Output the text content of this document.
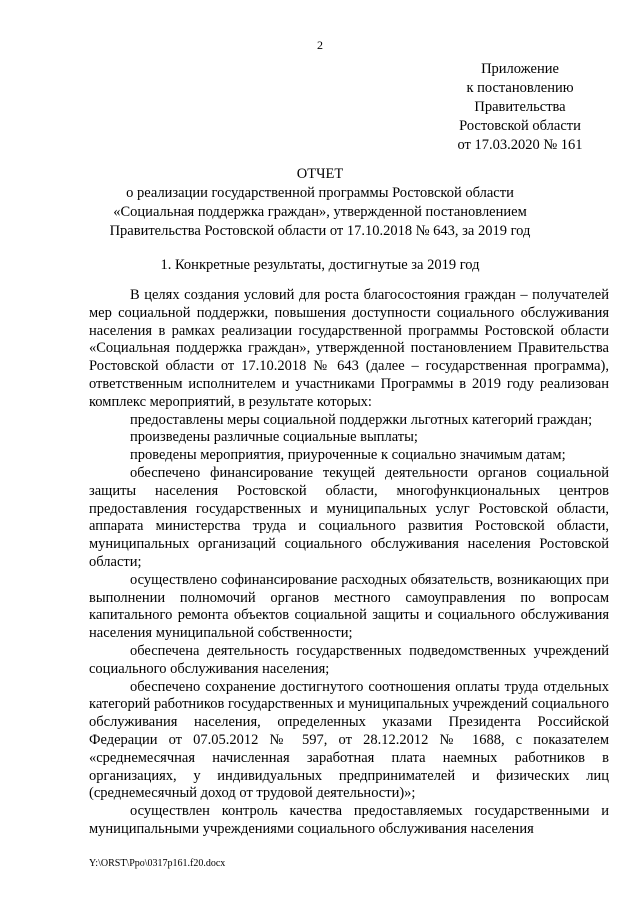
2
Приложение
к постановлению
Правительства
Ростовской области
от 17.03.2020 № 161
ОТЧЕТ
о реализации государственной программы Ростовской области
«Социальная поддержка граждан», утвержденной постановлением
Правительства Ростовской области от 17.10.2018 № 643, за 2019 год
1. Конкретные результаты, достигнутые за 2019 год

В целях создания условий для роста благосостояния граждан – получателей мер социальной поддержки, повышения доступности социального обслуживания населения в рамках реализации государственной программы Ростовской области «Социальная поддержка граждан», утвержденной постановлением Правительства Ростовской области от 17.10.2018 № 643 (далее – государственная программа), ответственным исполнителем и участниками Программы в 2019 году реализован комплекс мероприятий, в результате которых:

предоставлены меры социальной поддержки льготных категорий граждан;

произведены различные социальные выплаты;

проведены мероприятия, приуроченные к социально значимым датам;

обеспечено финансирование текущей деятельности органов социальной защиты населения Ростовской области, многофункциональных центров предоставления государственных и муниципальных услуг Ростовской области, аппарата министерства труда и социального развития Ростовской области, муниципальных организаций социального обслуживания населения Ростовской области;

осуществлено софинансирование расходных обязательств, возникающих при выполнении полномочий органов местного самоуправления по вопросам капитального ремонта объектов социальной защиты и социального обслуживания населения муниципальной собственности;

обеспечена деятельность государственных подведомственных учреждений социального обслуживания населения;

обеспечено сохранение достигнутого соотношения оплаты труда отдельных категорий работников государственных и муниципальных учреждений социального обслуживания населения, определенных указами Президента Российской Федерации от 07.05.2012 № 597, от 28.12.2012 № 1688, с показателем «среднемесячная начисленная заработная плата наемных работников в организациях, у индивидуальных предпринимателей и физических лиц (среднемесячный доход от трудовой деятельности)»;

осуществлен контроль качества предоставляемых государственными и муниципальными учреждениями социального обслуживания населения

Y:\ORST\Ppo\0317p161.f20.docx
